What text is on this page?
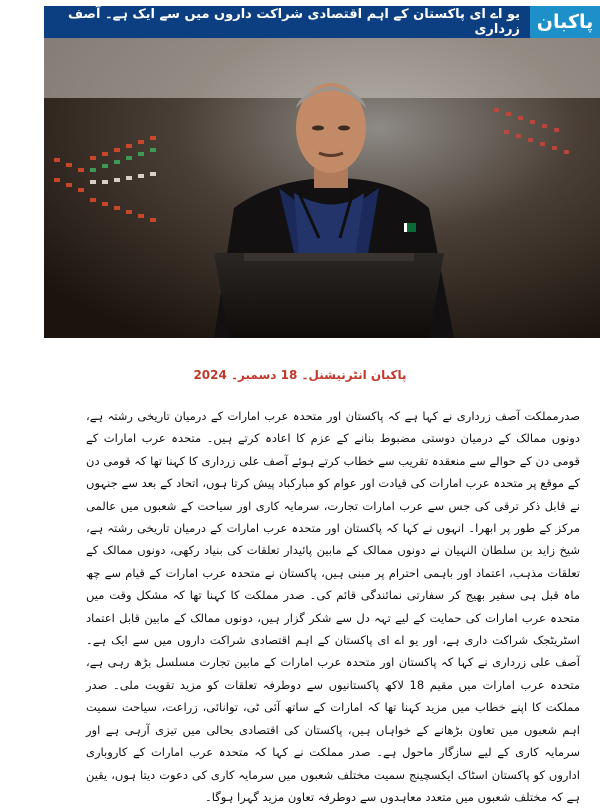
پاکبان
یو اے ای پاکستان کے اہم اقتصادی شراکت داروں میں سے ایک ہے۔ آصف زرداری
پاکبان انٹرنیشنل۔ 18 دسمبر۔ 2024

صدرمملکت آصف زرداری نے کہا ہے کہ پاکستان اور متحدہ عرب امارات کے درمیان تاریخی رشتہ ہے، دونوں ممالک کے درمیان دوستی مضبوط بنانے کے عزم کا اعادہ کرتے ہیں۔ متحدہ عرب امارات کے قومی دن کے حوالے سے منعقدہ تقریب سے خطاب کرتے ہوئے آصف علی زرداری کا کہنا تھا کہ قومی دن کے موقع پر متحدہ عرب امارات کی قیادت اور عوام کو مبارکباد پیش کرتا ہوں، اتحاد کے بعد سے جنہوں نے قابل ذکر ترقی کی جس سے عرب امارات تجارت، سرمایہ کاری اور سیاحت کے شعبوں میں عالمی مرکز کے طور پر ابھرا۔ انہوں نے کہا کہ پاکستان اور متحدہ عرب امارات کے درمیان تاریخی رشتہ ہے، شیخ زاید بن سلطان النہیان نے دونوں ممالک کے مابین پائیدار تعلقات کی بنیاد رکھی، دونوں ممالک کے تعلقات مذہب، اعتماد اور باہمی احترام پر مبنی ہیں، پاکستان نے متحدہ عرب امارات کے قیام سے چھ ماہ قبل ہی سفیر بھیج کر سفارتی نمائندگی قائم کی۔ صدر مملکت کا کہنا تھا کہ مشکل وقت میں متحدہ عرب امارات کی حمایت کے لیے تہہ دل سے شکر گزار ہیں، دونوں ممالک کے مابین قابل اعتماد اسٹریٹجک شراکت داری ہے، اور یو اے ای پاکستان کے اہم اقتصادی شراکت داروں میں سے ایک ہے۔ آصف علی زرداری نے کہا کہ پاکستان اور متحدہ عرب امارات کے مابین تجارت مسلسل بڑھ رہی ہے، متحدہ عرب امارات میں مقیم 18 لاکھ پاکستانیوں سے دوطرفہ تعلقات کو مزید تقویت ملی۔ صدر مملکت کا اپنے خطاب میں مزید کہنا تھا کہ امارات کے ساتھ آئی ٹی، توانائی، زراعت، سیاحت سمیت اہم شعبوں میں تعاون بڑھانے کے خواہاں ہیں، پاکستان کی اقتصادی بحالی میں تیزی آرہی ہے اور سرمایہ کاری کے لیے سازگار ماحول ہے۔ صدر مملکت نے کہا کہ متحدہ عرب امارات کے کاروباری اداروں کو پاکستان اسٹاک ایکسچینج سمیت مختلف شعبوں میں سرمایہ کاری کی دعوت دیتا ہوں، یقین ہے کہ مختلف شعبوں میں متعدد معاہدوں سے دوطرفہ تعاون مزید گہرا ہوگا۔
